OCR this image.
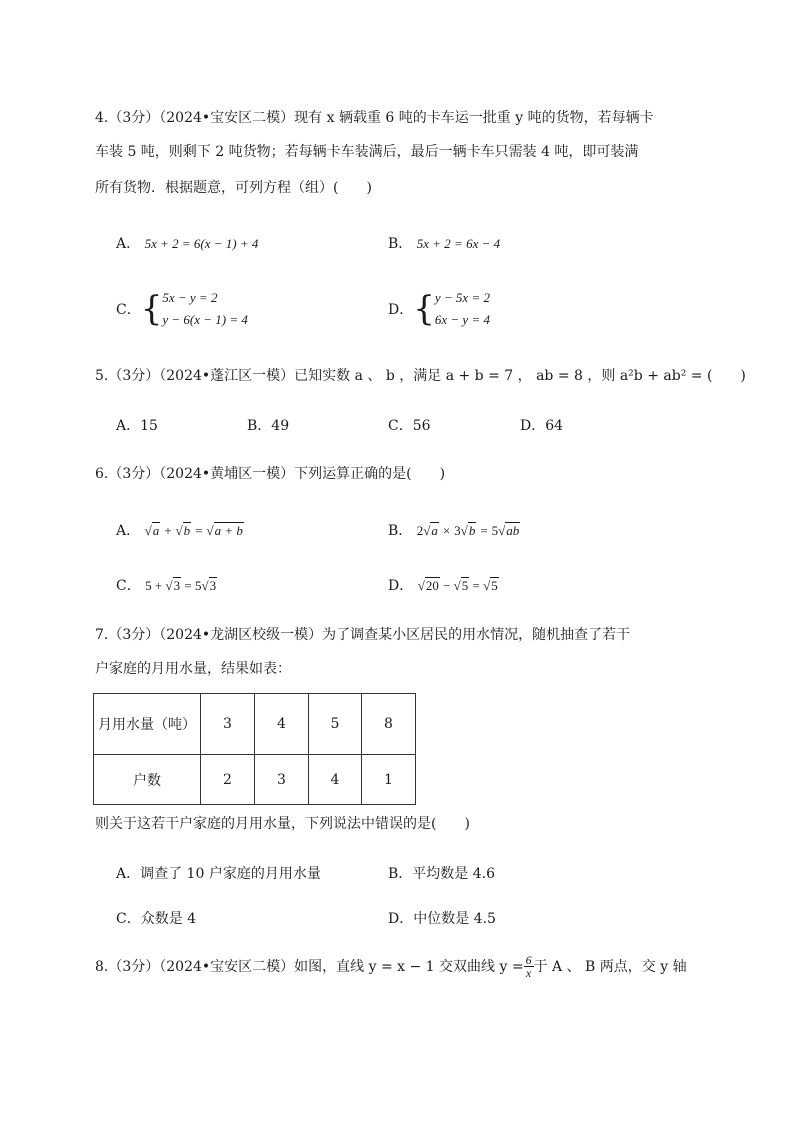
4.（3分）（2024•宝安区二模）现有 x 辆载重 6 吨的卡车运一批重 y 吨的货物，若每辆卡
车装 5 吨，则剩下 2 吨货物；若每辆卡车装满后，最后一辆卡车只需装 4 吨，即可装满
所有货物．根据题意，可列方程（组）(　　)
A． 5x + 2 = 6(x − 1) + 4	B． 5x + 2 = 6x − 4
C． { 5x − y = 2
y − 6(x − 1) = 4
D． { y − 5x = 2
6x − y = 4
5.（3分）（2024•蓬江区一模）已知实数 a 、 b ，满足 a + b = 7 ， ab = 8 ，则 a²b + ab² = (　　)
A．15	B．49	C．56	D．64
6.（3分）（2024•黄埔区一模）下列运算正确的是(　　)
A． √a + √b = √a + b	B． 2√a × 3√b = 5√ab
C． 5 + √3 = 5√3	D． √20 − √5 = √5
7.（3分）（2024•龙湖区校级一模）为了调查某小区居民的用水情况，随机抽查了若干
户家庭的月用水量，结果如表：
月用水量（吨）	3	4	5	8
户数	2	3	4	1
则关于这若干户家庭的月用水量，下列说法中错误的是(　　)
A．调查了 10 户家庭的月用水量	B．平均数是 4.6
C．众数是 4	D．中位数是 4.5
8.（3分）（2024•宝安区二模）如图，直线 y = x − 1 交双曲线 $y = \frac{6}{x}$ 于 A 、 B 两点，交 y 轴
